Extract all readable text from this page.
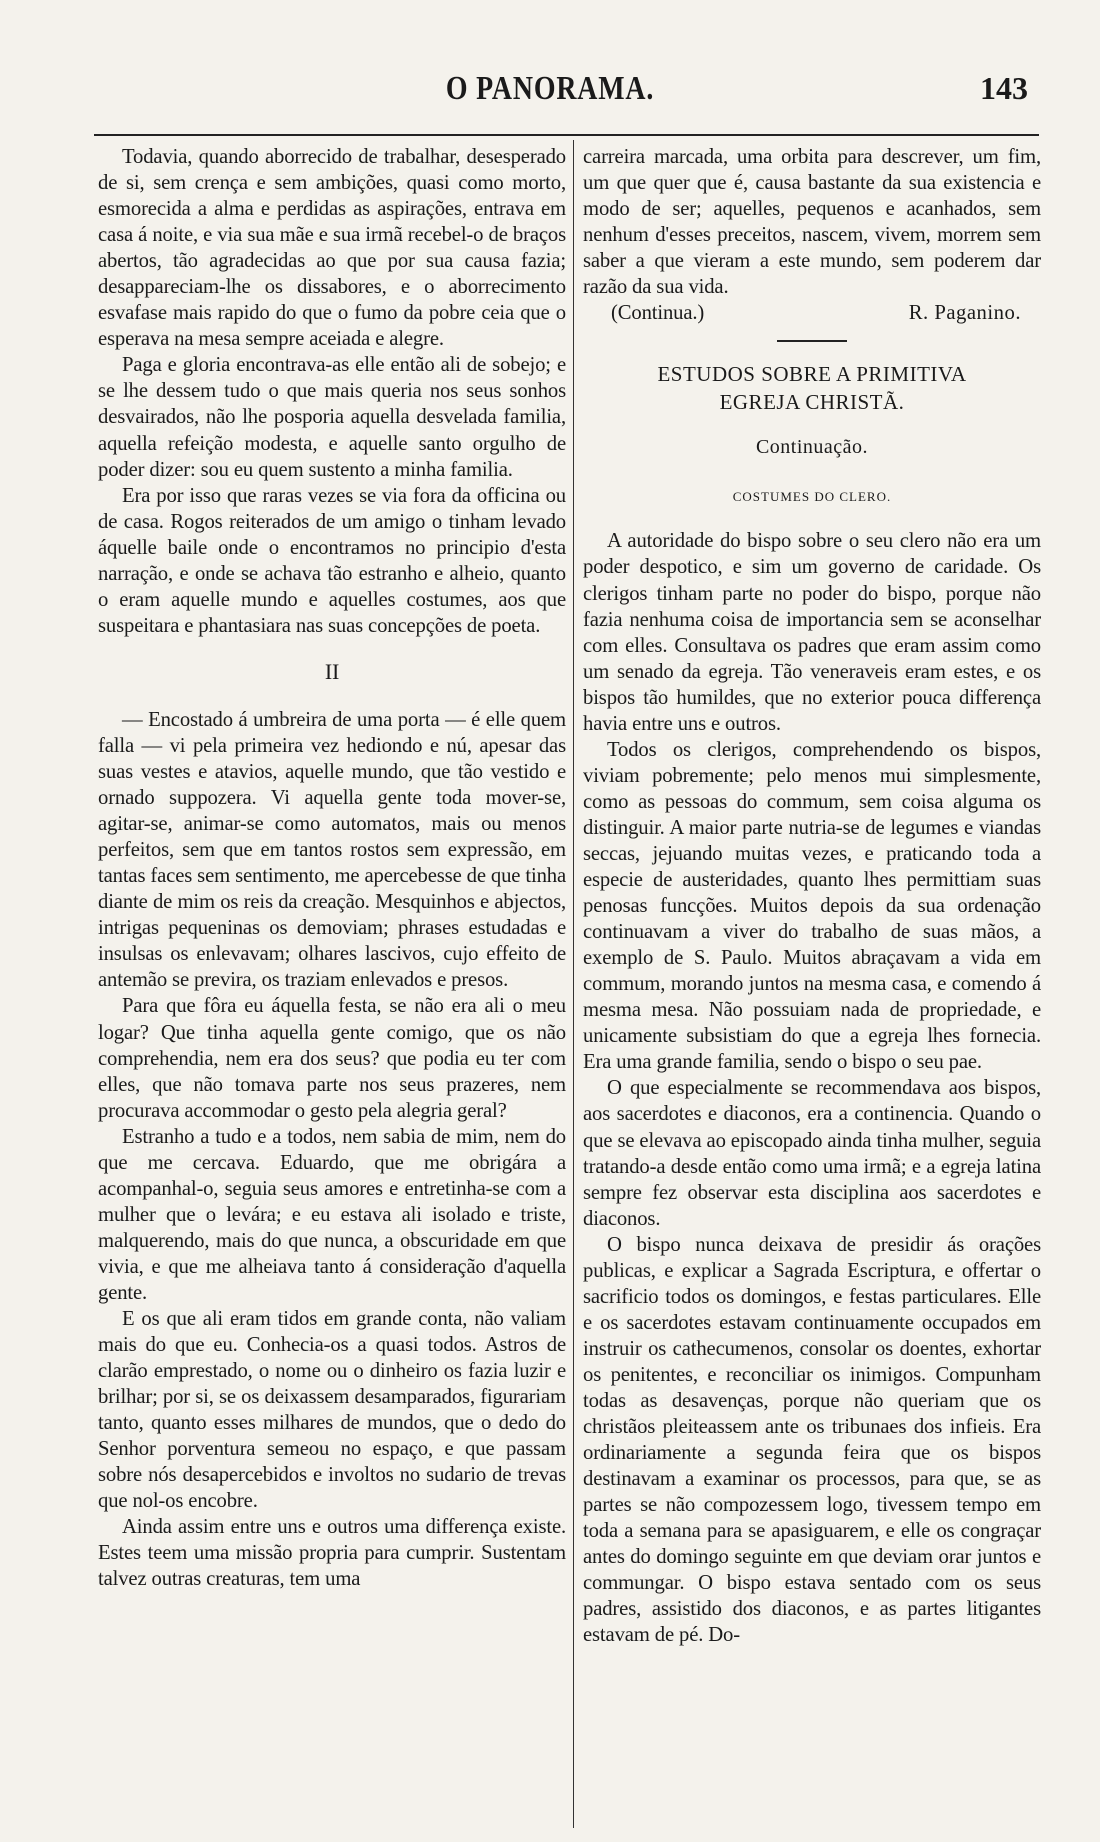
O PANORAMA.	143

Todavia, quando aborrecido de trabalhar, desesperado de si, sem crença e sem ambições, quasi como morto, esmorecida a alma e perdidas as aspirações, entrava em casa á noite, e via sua mãe e sua irmã recebel-o de braços abertos, tão agradecidas ao que por sua causa fazia; desappareciam-lhe os dissabores, e o aborrecimento esvafase mais rapido do que o fumo da pobre ceia que o esperava na mesa sempre aceiada e alegre.

Paga e gloria encontrava-as elle então ali de sobejo; e se lhe dessem tudo o que mais queria nos seus sonhos desvairados, não lhe posporia aquella desvelada familia, aquella refeição modesta, e aquelle santo orgulho de poder dizer: sou eu quem sustento a minha familia.

Era por isso que raras vezes se via fora da officina ou de casa. Rogos reiterados de um amigo o tinham levado áquelle baile onde o encontramos no principio d'esta narração, e onde se achava tão estranho e alheio, quanto o eram aquelle mundo e aquelles costumes, aos que suspeitara e phantasiara nas suas concepções de poeta.

II

— Encostado á umbreira de uma porta — é elle quem falla — vi pela primeira vez hediondo e nú, apesar das suas vestes e atavios, aquelle mundo, que tão vestido e ornado suppozera. Vi aquella gente toda mover-se, agitar-se, animar-se como automatos, mais ou menos perfeitos, sem que em tantos rostos sem expressão, em tantas faces sem sentimento, me apercebesse de que tinha diante de mim os reis da creação. Mesquinhos e abjectos, intrigas pequeninas os demoviam; phrases estudadas e insulsas os enlevavam; olhares lascivos, cujo effeito de antemão se previra, os traziam enlevados e presos.

Para que fôra eu áquella festa, se não era ali o meu logar? Que tinha aquella gente comigo, que os não comprehendia, nem era dos seus? que podia eu ter com elles, que não tomava parte nos seus prazeres, nem procurava accommodar o gesto pela alegria geral?

Estranho a tudo e a todos, nem sabia de mim, nem do que me cercava. Eduardo, que me obrigára a acompanhal-o, seguia seus amores e entretinha-se com a mulher que o levára; e eu estava ali isolado e triste, malquerendo, mais do que nunca, a obscuridade em que vivia, e que me alheiava tanto á consideração d'aquella gente.

E os que ali eram tidos em grande conta, não valiam mais do que eu. Conhecia-os a quasi todos. Astros de clarão emprestado, o nome ou o dinheiro os fazia luzir e brilhar; por si, se os deixassem desamparados, figurariam tanto, quanto esses milhares de mundos, que o dedo do Senhor porventura semeou no espaço, e que passam sobre nós desapercebidos e involtos no sudario de trevas que nol-os encobre.

Ainda assim entre uns e outros uma differença existe. Estes teem uma missão propria para cumprir. Sustentam talvez outras creaturas, tem uma

carreira marcada, uma orbita para descrever, um fim, um que quer que é, causa bastante da sua existencia e modo de ser; aquelles, pequenos e acanhados, sem nenhum d'esses preceitos, nascem, vivem, morrem sem saber a que vieram a este mundo, sem poderem dar razão da sua vida.

(Continua.)	R. Paganino.
ESTUDOS SOBRE A PRIMITIVA
EGREJA CHRISTÃ.
Continuação.
COSTUMES DO CLERO.

A autoridade do bispo sobre o seu clero não era um poder despotico, e sim um governo de caridade. Os clerigos tinham parte no poder do bispo, porque não fazia nenhuma coisa de importancia sem se aconselhar com elles. Consultava os padres que eram assim como um senado da egreja. Tão veneraveis eram estes, e os bispos tão humildes, que no exterior pouca differença havia entre uns e outros.

Todos os clerigos, comprehendendo os bispos, viviam pobremente; pelo menos mui simplesmente, como as pessoas do commum, sem coisa alguma os distinguir. A maior parte nutria-se de legumes e viandas seccas, jejuando muitas vezes, e praticando toda a especie de austeridades, quanto lhes permittiam suas penosas funcções. Muitos depois da sua ordenação continuavam a viver do trabalho de suas mãos, a exemplo de S. Paulo. Muitos abraçavam a vida em commum, morando juntos na mesma casa, e comendo á mesma mesa. Não possuiam nada de propriedade, e unicamente subsistiam do que a egreja lhes fornecia. Era uma grande familia, sendo o bispo o seu pae.

O que especialmente se recommendava aos bispos, aos sacerdotes e diaconos, era a continencia. Quando o que se elevava ao episcopado ainda tinha mulher, seguia tratando-a desde então como uma irmã; e a egreja latina sempre fez observar esta disciplina aos sacerdotes e diaconos.

O bispo nunca deixava de presidir ás orações publicas, e explicar a Sagrada Escriptura, e offertar o sacrificio todos os domingos, e festas particulares. Elle e os sacerdotes estavam continuamente occupados em instruir os cathecumenos, consolar os doentes, exhortar os penitentes, e reconciliar os inimigos. Compunham todas as desavenças, porque não queriam que os christãos pleiteassem ante os tribunaes dos infieis. Era ordinariamente a segunda feira que os bispos destinavam a examinar os processos, para que, se as partes se não compozessem logo, tivessem tempo em toda a semana para se apasiguarem, e elle os congraçar antes do domingo seguinte em que deviam orar juntos e commungar. O bispo estava sentado com os seus padres, assistido dos diaconos, e as partes litigantes estavam de pé. Do-
